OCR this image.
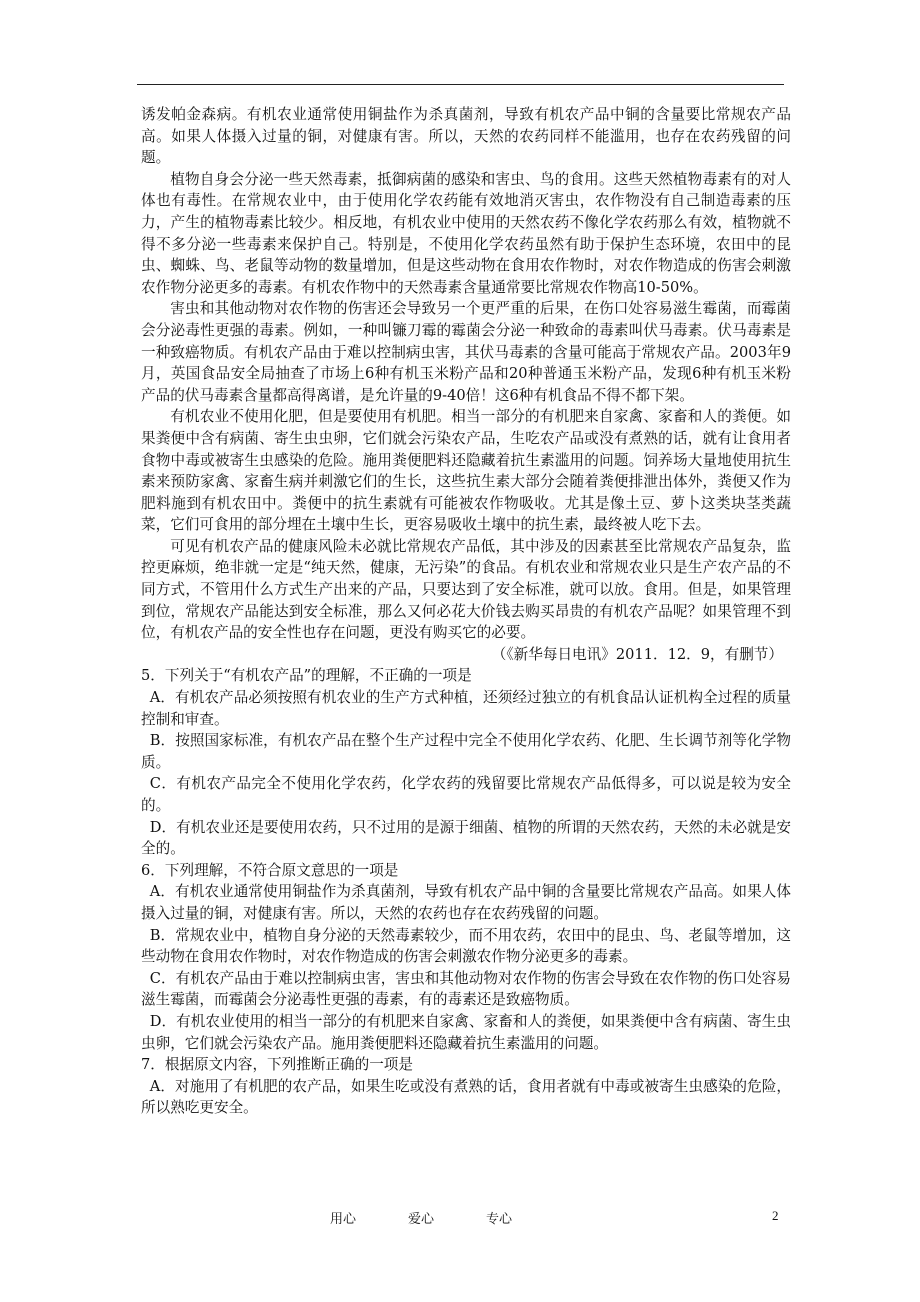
诱发帕金森病。有机农业通常使用铜盐作为杀真菌剂，导致有机农产品中铜的含量要比常规农产品高。如果人体摄入过量的铜，对健康有害。所以，天然的农药同样不能滥用，也存在农药残留的问题。

植物自身会分泌一些天然毒素，抵御病菌的感染和害虫、鸟的食用。这些天然植物毒素有的对人体也有毒性。在常规农业中，由于使用化学农药能有效地消灭害虫，农作物没有自己制造毒素的压力，产生的植物毒素比较少。相反地，有机农业中使用的天然农药不像化学农药那么有效，植物就不得不多分泌一些毒素来保护自己。特别是，不使用化学农药虽然有助于保护生态环境，农田中的昆虫、蜘蛛、鸟、老鼠等动物的数量增加，但是这些动物在食用农作物时，对农作物造成的伤害会刺激农作物分泌更多的毒素。有机农作物中的天然毒素含量通常要比常规农作物高10-50%。

害虫和其他动物对农作物的伤害还会导致另一个更严重的后果，在伤口处容易滋生霉菌，而霉菌会分泌毒性更强的毒素。例如，一种叫镰刀霉的霉菌会分泌一种致命的毒素叫伏马毒素。伏马毒素是一种致癌物质。有机农产品由于难以控制病虫害，其伏马毒素的含量可能高于常规农产品。2003年9月，英国食品安全局抽查了市场上6种有机玉米粉产品和20种普通玉米粉产品，发现6种有机玉米粉产品的伏马毒素含量都高得离谱，是允许量的9-40倍！这6种有机食品不得不都下架。

有机农业不使用化肥，但是要使用有机肥。相当一部分的有机肥来自家禽、家畜和人的粪便。如果粪便中含有病菌、寄生虫虫卵，它们就会污染农产品，生吃农产品或没有煮熟的话，就有让食用者食物中毒或被寄生虫感染的危险。施用粪便肥料还隐藏着抗生素滥用的问题。饲养场大量地使用抗生素来预防家禽、家畜生病并刺激它们的生长，这些抗生素大部分会随着粪便排泄出体外，粪便又作为肥料施到有机农田中。粪便中的抗生素就有可能被农作物吸收。尤其是像土豆、萝卜这类块茎类蔬菜，它们可食用的部分埋在土壤中生长，更容易吸收土壤中的抗生素，最终被人吃下去。

可见有机农产品的健康风险未必就比常规农产品低，其中涉及的因素甚至比常规农产品复杂，监控更麻烦，绝非就一定是“纯天然，健康，无污染”的食品。有机农业和常规农业只是生产农产品的不同方式，不管用什么方式生产出来的产品，只要达到了安全标准，就可以放。食用。但是，如果管理到位，常规农产品能达到安全标准，那么又何必花大价钱去购买昂贵的有机农产品呢？如果管理不到位，有机农产品的安全性也存在问题，更没有购买它的必要。

（《新华每日电讯》2011．12．9，有删节）

5．下列关于“有机农产品”的理解，不正确的一项是

A．有机农产品必须按照有机农业的生产方式种植，还须经过独立的有机食品认证机构全过程的质量控制和审查。

B．按照国家标准，有机农产品在整个生产过程中完全不使用化学农药、化肥、生长调节剂等化学物质。

C．有机农产品完全不使用化学农药，化学农药的残留要比常规农产品低得多，可以说是较为安全的。

D．有机农业还是要使用农药，只不过用的是源于细菌、植物的所谓的天然农药，天然的未必就是安全的。

6．下列理解，不符合原文意思的一项是

A．有机农业通常使用铜盐作为杀真菌剂，导致有机农产品中铜的含量要比常规农产品高。如果人体摄入过量的铜，对健康有害。所以，天然的农药也存在农药残留的问题。

B．常规农业中，植物自身分泌的天然毒素较少，而不用农药，农田中的昆虫、鸟、老鼠等增加，这些动物在食用农作物时，对农作物造成的伤害会刺激农作物分泌更多的毒素。

C．有机农产品由于难以控制病虫害，害虫和其他动物对农作物的伤害会导致在农作物的伤口处容易滋生霉菌，而霉菌会分泌毒性更强的毒素，有的毒素还是致癌物质。

D．有机农业使用的相当一部分的有机肥来自家禽、家畜和人的粪便，如果粪便中含有病菌、寄生虫虫卵，它们就会污染农产品。施用粪便肥料还隐藏着抗生素滥用的问题。

7．根据原文内容，下列推断正确的一项是

A．对施用了有机肥的农产品，如果生吃或没有煮熟的话，食用者就有中毒或被寄生虫感染的危险，所以熟吃更安全。

用心	爱心	专心	2
